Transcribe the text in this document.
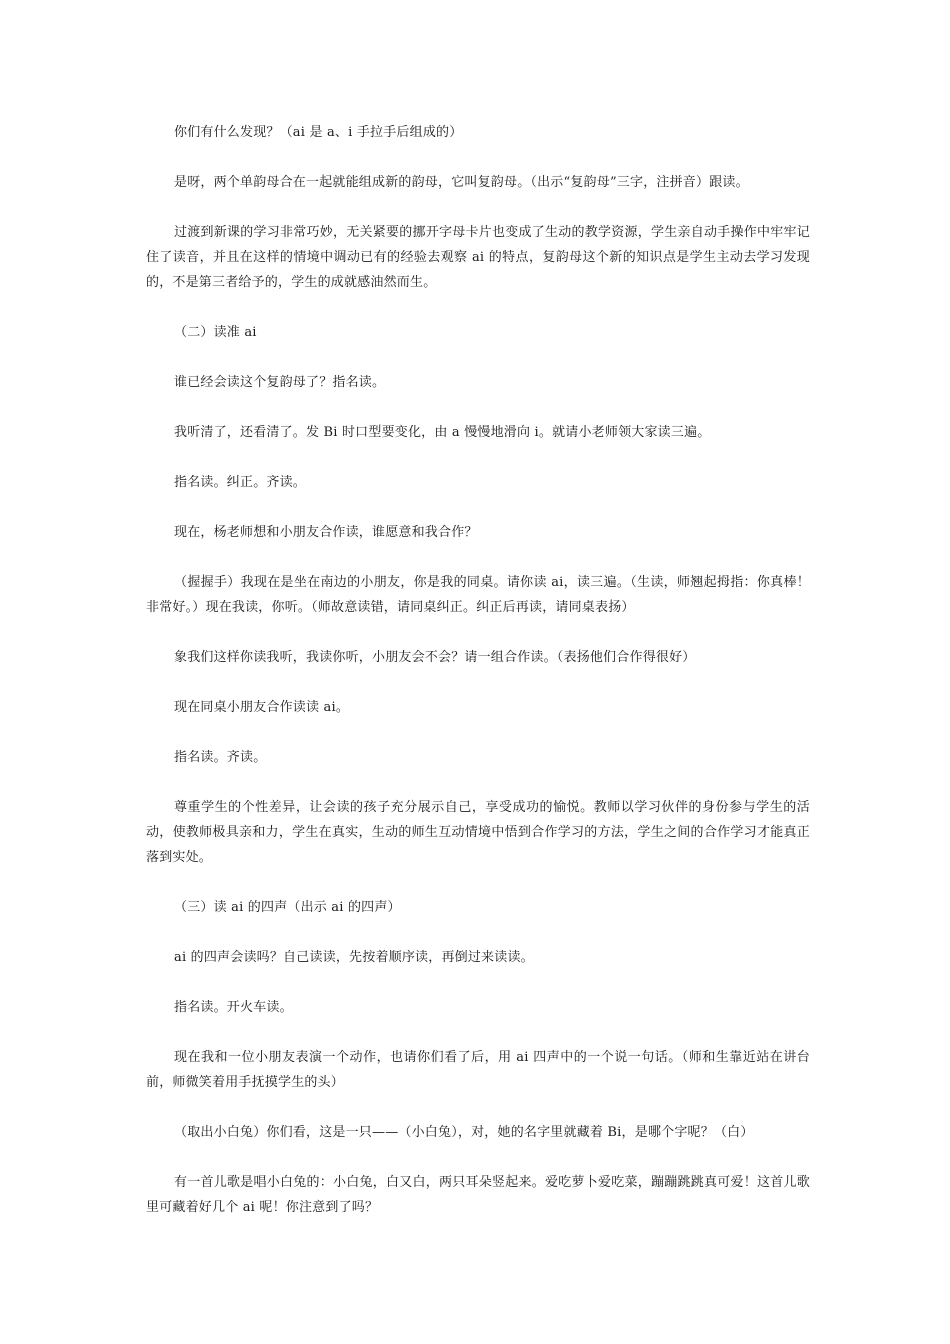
你们有什么发现？（ai 是 a、i 手拉手后组成的）

是呀，两个单韵母合在一起就能组成新的韵母，它叫复韵母。（出示“复韵母”三字，注拼音）跟读。

过渡到新课的学习非常巧妙，无关紧要的挪开字母卡片也变成了生动的教学资源，学生亲自动手操作中牢牢记住了读音，并且在这样的情境中调动已有的经验去观察 ai 的特点，复韵母这个新的知识点是学生主动去学习发现的，不是第三者给予的，学生的成就感油然而生。

（二）读准 ai

谁已经会读这个复韵母了？指名读。

我听清了，还看清了。发 Bi 时口型要变化，由 a 慢慢地滑向 i。就请小老师领大家读三遍。

指名读。纠正。齐读。

现在，杨老师想和小朋友合作读，谁愿意和我合作？

（握握手）我现在是坐在南边的小朋友，你是我的同桌。请你读 ai，读三遍。（生读，师翘起拇指：你真棒！非常好。）现在我读，你听。（师故意读错，请同桌纠正。纠正后再读，请同桌表扬）

象我们这样你读我听，我读你听，小朋友会不会？请一组合作读。（表扬他们合作得很好）

现在同桌小朋友合作读读 ai。

指名读。齐读。

尊重学生的个性差异，让会读的孩子充分展示自己，享受成功的愉悦。教师以学习伙伴的身份参与学生的活动，使教师极具亲和力，学生在真实，生动的师生互动情境中悟到合作学习的方法，学生之间的合作学习才能真正落到实处。

（三）读 ai 的四声（出示 ai 的四声）

ai 的四声会读吗？自己读读，先按着顺序读，再倒过来读读。

指名读。开火车读。

现在我和一位小朋友表演一个动作，也请你们看了后，用 ai 四声中的一个说一句话。（师和生靠近站在讲台前，师微笑着用手抚摸学生的头）

（取出小白兔）你们看，这是一只——（小白兔），对，她的名字里就藏着 Bi，是哪个字呢？（白）

有一首儿歌是唱小白兔的：小白兔，白又白，两只耳朵竖起来。爱吃萝卜爱吃菜，蹦蹦跳跳真可爱！这首儿歌里可藏着好几个 ai 呢！你注意到了吗？
